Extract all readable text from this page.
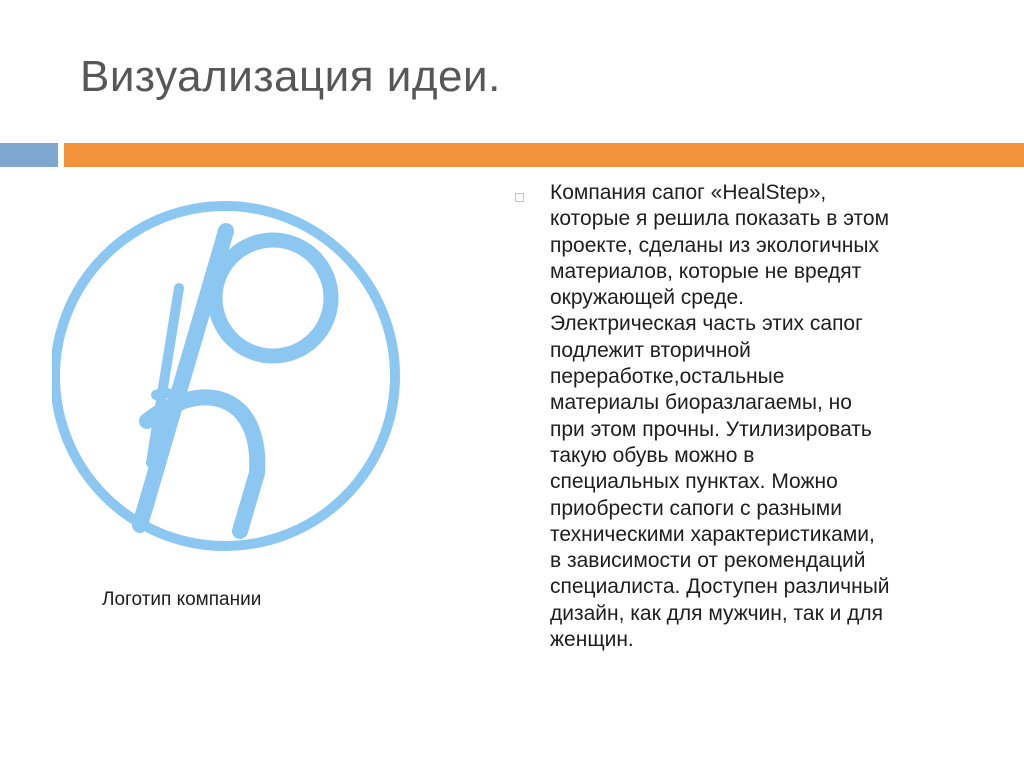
Визуализация идеи.
Логотип компании
Компания сапог «HealStep»,
которые я решила показать в этом
проекте, сделаны из экологичных
материалов, которые не вредят
окружающей среде.
Электрическая часть этих сапог
подлежит вторичной
переработке,остальные
материалы биоразлагаемы, но
при этом прочны. Утилизировать
такую обувь можно в
специальных пунктах. Можно
приобрести сапоги с разными
техническими характеристиками,
в зависимости от рекомендаций
специалиста. Доступен различный
дизайн, как для мужчин, так и для
женщин.
